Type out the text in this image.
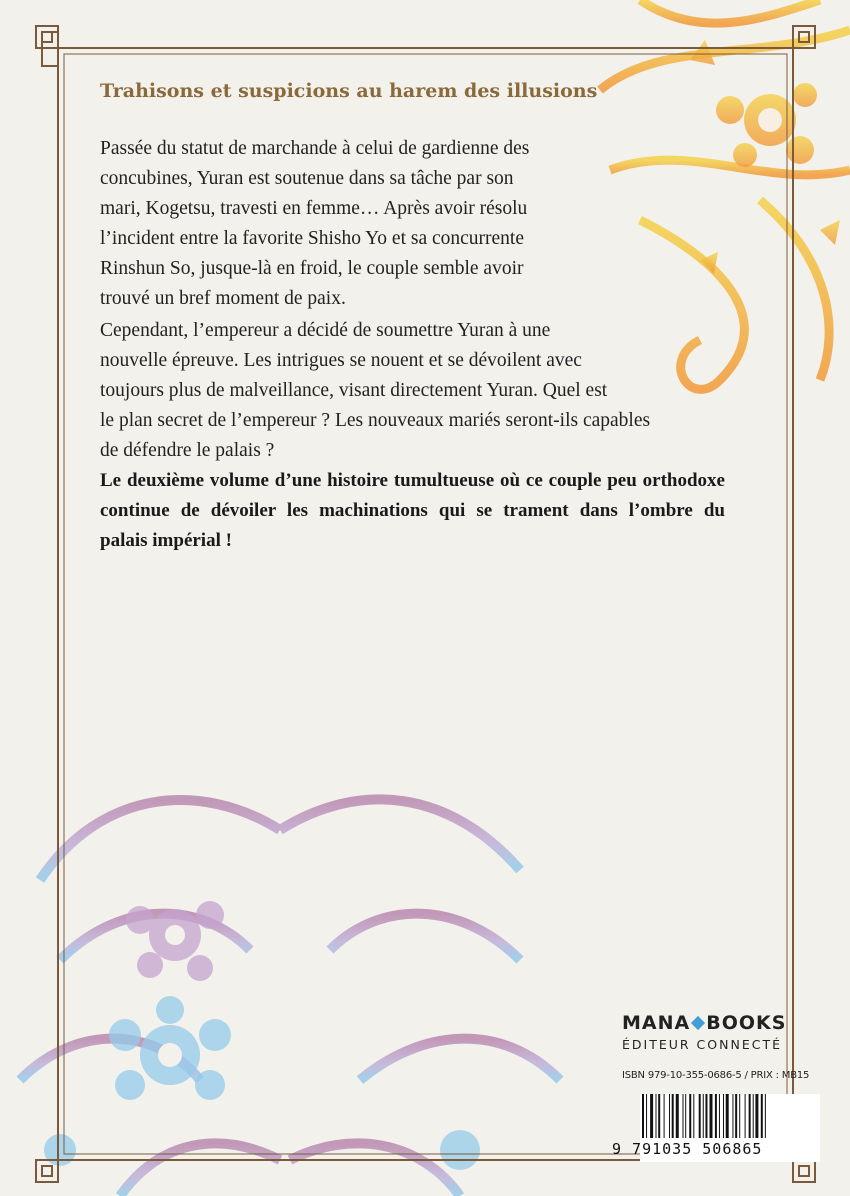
Trahisons et suspicions au harem des illusions
Passée du statut de marchande à celui de gardienne des
concubines, Yuran est soutenue dans sa tâche par son
mari, Kogetsu, travesti en femme… Après avoir résolu
l’incident entre la favorite Shisho Yo et sa concurrente
Rinshun So, jusque-là en froid, le couple semble avoir
trouvé un bref moment de paix.
Cependant, l’empereur a décidé de soumettre Yuran à une
nouvelle épreuve. Les intrigues se nouent et se dévoilent avec
toujours plus de malveillance, visant directement Yuran. Quel est
le plan secret de l’empereur ? Les nouveaux mariés seront-ils capables
de défendre le palais ?
Le deuxième volume d’une histoire tumultueuse où ce couple peu orthodoxe
continue de dévoiler les machinations qui se trament dans l’ombre du
palais impérial !
MANA BOOKS
ÉDITEUR CONNECTÉ
ISBN 979-10-355-0686-5 / PRIX : MB15
9 791035 506865
